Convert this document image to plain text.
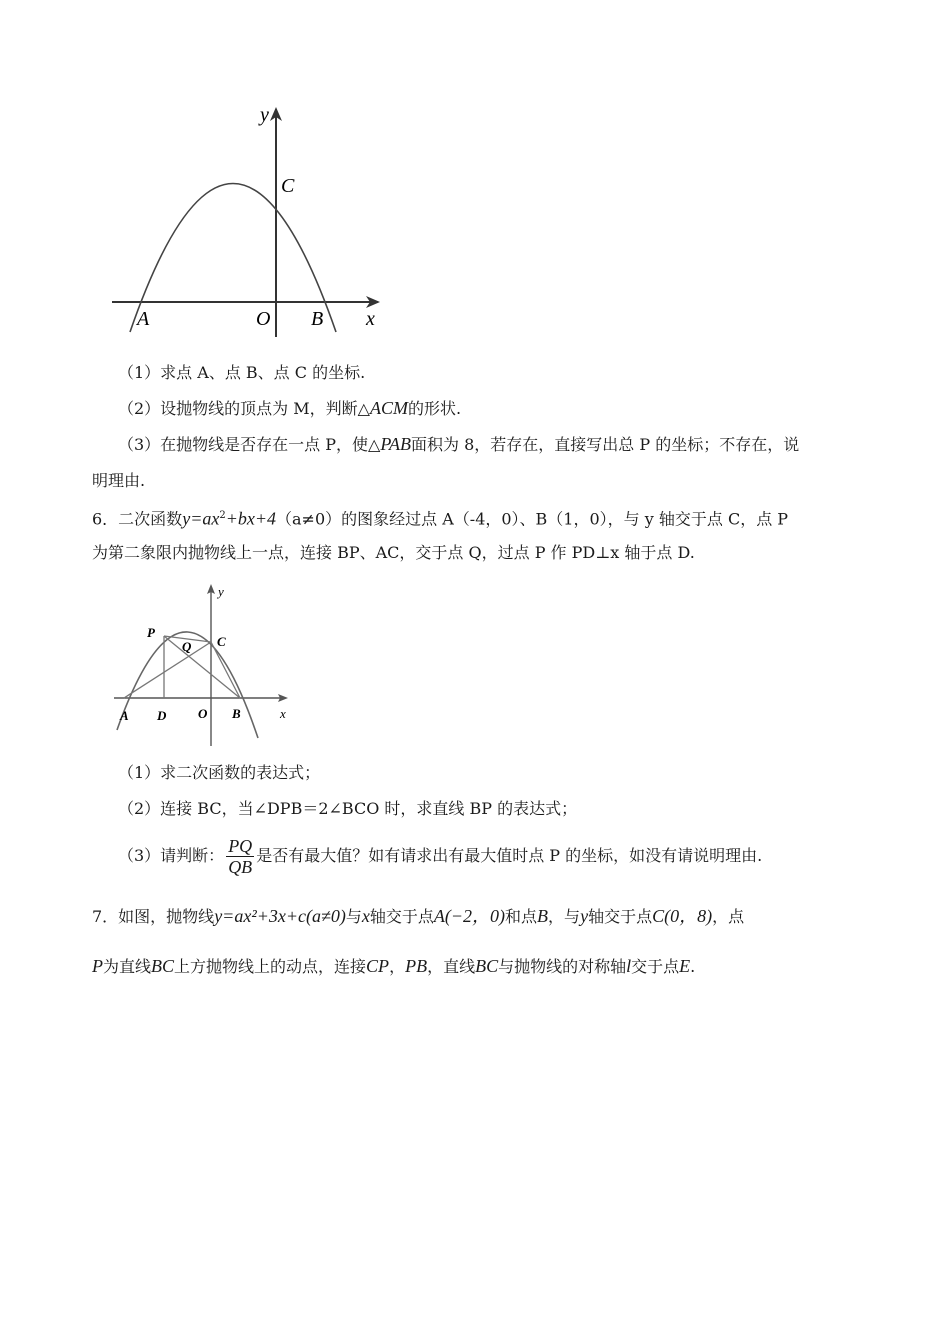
y
C
A	O B x
（1）求点 A、点 B、点 C 的坐标.
（2）设抛物线的顶点为 M，判断△ACM的形状.
（3）在抛物线是否存在一点 P，使△PAB面积为 8，若存在，直接写出总 P 的坐标；不存在，说
明理由.
6．二次函数$y=ax^2+bx+4(a\ne 0)$的图象经过点 A（-4，0）、B（1，0），与 y 轴交于点 C，点 P
为第二象限内抛物线上一点，连接 BP、AC，交于点 Q，过点 P 作 PD⊥x 轴于点 D.
y
P
Q C
A D O B	x
（1）求二次函数的表达式；
（2）连接 BC，当∠DPB＝2∠BCO 时，求直线 BP 的表达式；
（3）请判断： $\frac{PQ}{QB}$ 是否有最大值？如有请求出有最大值时点 P 的坐标，如没有请说明理由.
7．如图，抛物线y=ax²+3x+c(a≠0)与x轴交于点A(−2，0)和点B，与y轴交于点C(0，8)，点
P为直线BC上方抛物线上的动点，连接CP，PB，直线BC与抛物线的对称轴l交于点E.
